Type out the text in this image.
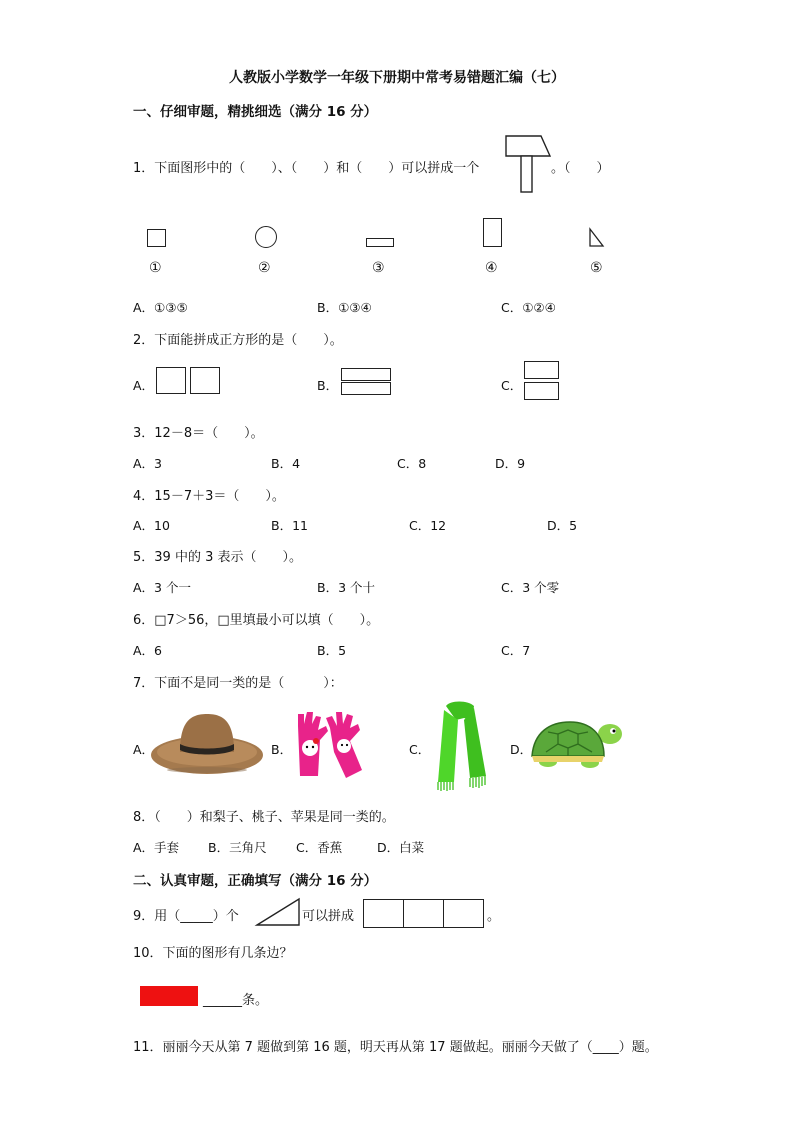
人教版小学数学一年级下册期中常考易错题汇编（七）
一、仔细审题，精挑细选（满分 16 分）
1．下面图形中的（　　）、（　　）和（　　）可以拼成一个	。（　　）
①	②	③	④	⑤
A．①③⑤	B．①③④	C．①②④
2．下面能拼成正方形的是（　　）。
A．	B．	C．
3．12－8＝（　　）。
A．3	B．4	C．8	D．9
4．15－7＋3＝（　　）。
A．10	B．11	C．12	D．5
5．39 中的 3 表示（　　）。
A．3 个一	B．3 个十	C．3 个零
6．□7＞56，□里填最小可以填（　　）。
A．6	B．5	C．7
7．下面不是同一类的是（　　　）：
A．	B．	C．	D．
8．（　　）和梨子、桃子、苹果是同一类的。
A．手套 B．三角尺 C．香蕉	D．白菜
二、认真审题，正确填写（满分 16 分）
9．用（_____）个	可以拼成	。
10．下面的图形有几条边？
______条。
11．丽丽今天从第 7 题做到第 16 题，明天再从第 17 题做起。丽丽今天做了（____）题。
